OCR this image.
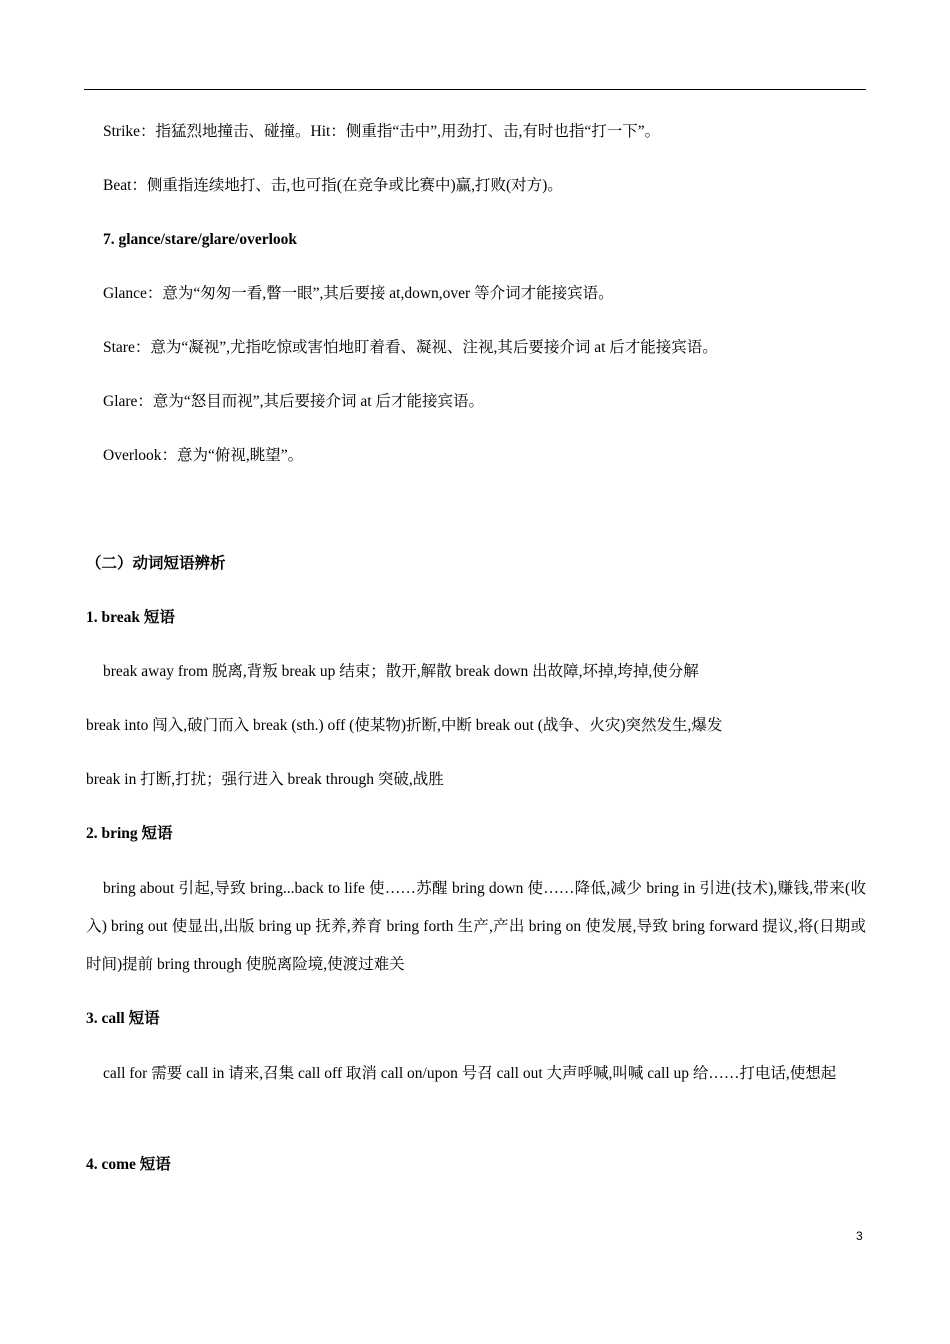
Strike：指猛烈地撞击、碰撞。Hit：侧重指“击中”,用劲打、击,有时也指“打一下”。
Beat：侧重指连续地打、击,也可指(在竞争或比赛中)赢,打败(对方)。
7. glance/stare/glare/overlook
Glance：意为“匆匆一看,瞥一眼”,其后要接 at,down,over 等介词才能接宾语。
Stare：意为“凝视”,尤指吃惊或害怕地盯着看、凝视、注视,其后要接介词 at 后才能接宾语。
Glare：意为“怒目而视”,其后要接介词 at 后才能接宾语。
Overlook：意为“俯视,眺望”。
（二）动词短语辨析
1. break 短语
break away from 脱离,背叛 break up 结束；散开,解散 break down 出故障,坏掉,垮掉,使分解
break into 闯入,破门而入 break (sth.) off (使某物)折断,中断 break out (战争、火灾)突然发生,爆发
break in 打断,打扰；强行进入 break through 突破,战胜
2. bring 短语
bring about 引起,导致 bring...back to life 使……苏醒 bring down 使……降低,减少 bring in 引进(技术),赚钱,带来(收入) bring out 使显出,出版 bring up 抚养,养育 bring forth 生产,产出 bring on 使发展,导致 bring forward 提议,将(日期或时间)提前 bring through 使脱离险境,使渡过难关
3. call 短语
call for 需要 call in 请来,召集 call off 取消 call on/upon 号召 call out 大声呼喊,叫喊 call up 给……打电话,使想起
4. come 短语
3
